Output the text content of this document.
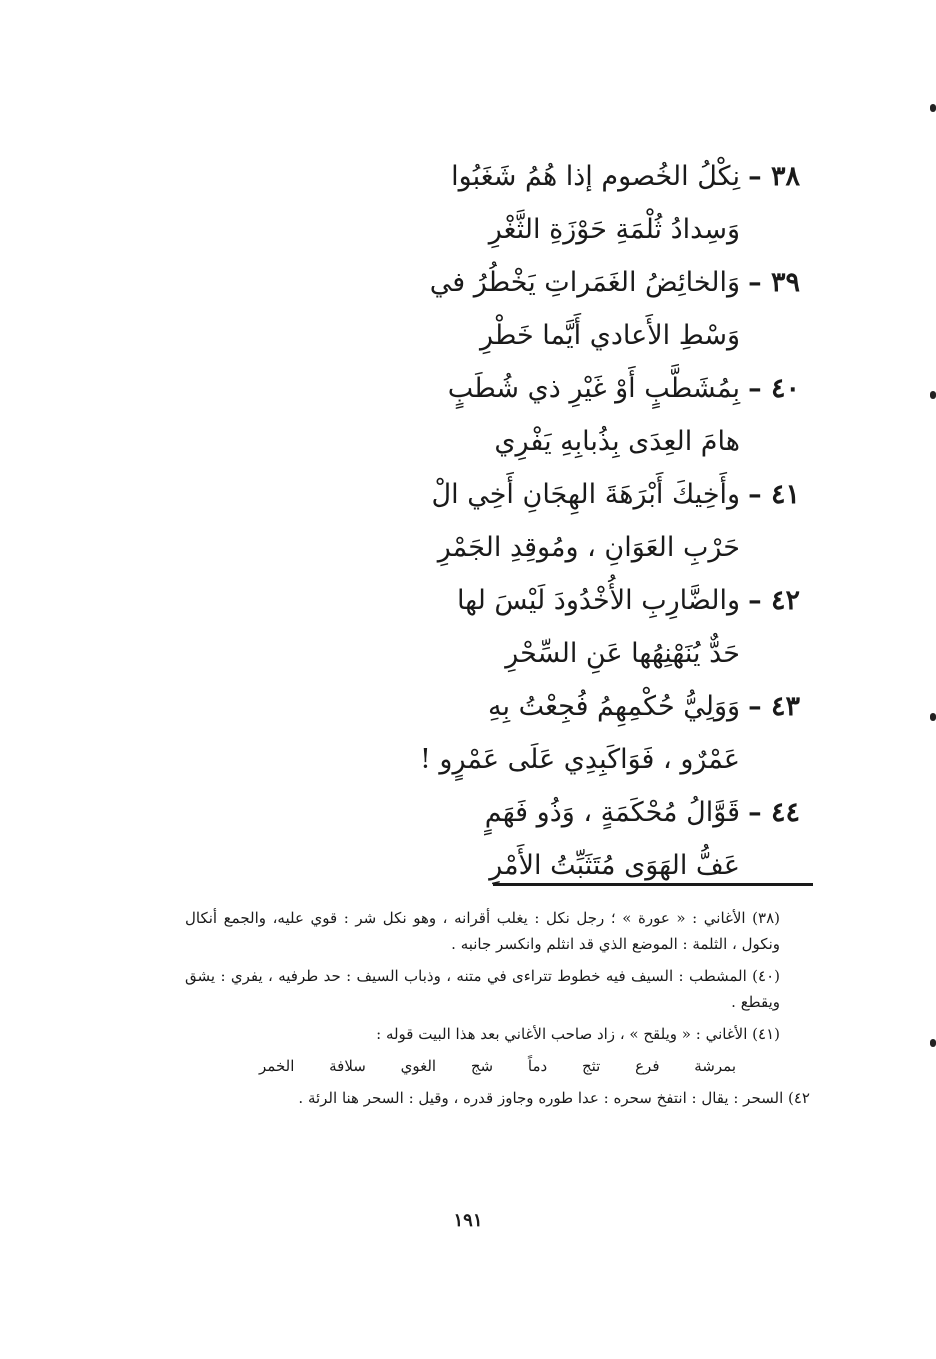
٣٨ –
نِكْلُ الخُصوم إذا هُمُ شَغَبُوا
وَسِدادُ ثُلْمَةِ حَوْزَةِ الثَّغْرِ
٣٩ –
وَالخائِضُ الغَمَراتِ يَخْطُرُ في
وَسْطِ الأَعادي أَيَّما خَطْرِ
٤٠ –
بِمُشَطَّبٍ أَوْ غَيْرِ ذي شُطَبٍ
هامَ العِدَى بِذُبابِهِ يَفْرِي
٤١ –
وأَخِيكَ أَبْرَهَةَ الهِجَانِ أَخِي الْ
حَرْبِ العَوَانِ ، ومُوقِدِ الجَمْرِ
٤٢ –
والضَّارِبِ الأُخْدُودَ لَيْسَ لها
حَدٌّ يُنَهْنِهُها عَنِ السِّحْرِ
٤٣ –
وَوَلِيُّ حُكْمِهِمُ فُجِعْتُ بِهِ
عَمْرٌو ، فَوَاكَبِدِي عَلَى عَمْرٍو !
٤٤ –
قَوَّالُ مُحْكَمَةٍ ، وَذُو فَهَمٍ
عَفُّ الهَوَى مُتَثَبِّتُ الأَمْرِ

(٣٨) الأغاني : « عورة » ؛ رجل نكل : يغلب أقرانه ، وهو نكل شر : قوي عليه، والجمع أنكال ونكول ، الثلمة : الموضع الذي قد انثلم وانكسر جانبه .

(٤٠) المشطب : السيف فيه خطوط تتراءى في متنه ، وذباب السيف : حد طرفيه ، يفري : يشق ويقطع .

(٤١) الأغاني : « ويلقح » ، زاد صاحب الأغاني بعد هذا البيت قوله :

بمرشة فرع تثج دماً شج الغوي سلافة الخمر

٤٢) السحر : يقال : انتفخ سحره : عدا طوره وجاوز قدره ، وقيل : السحر هنا الرئة .

١٩١
